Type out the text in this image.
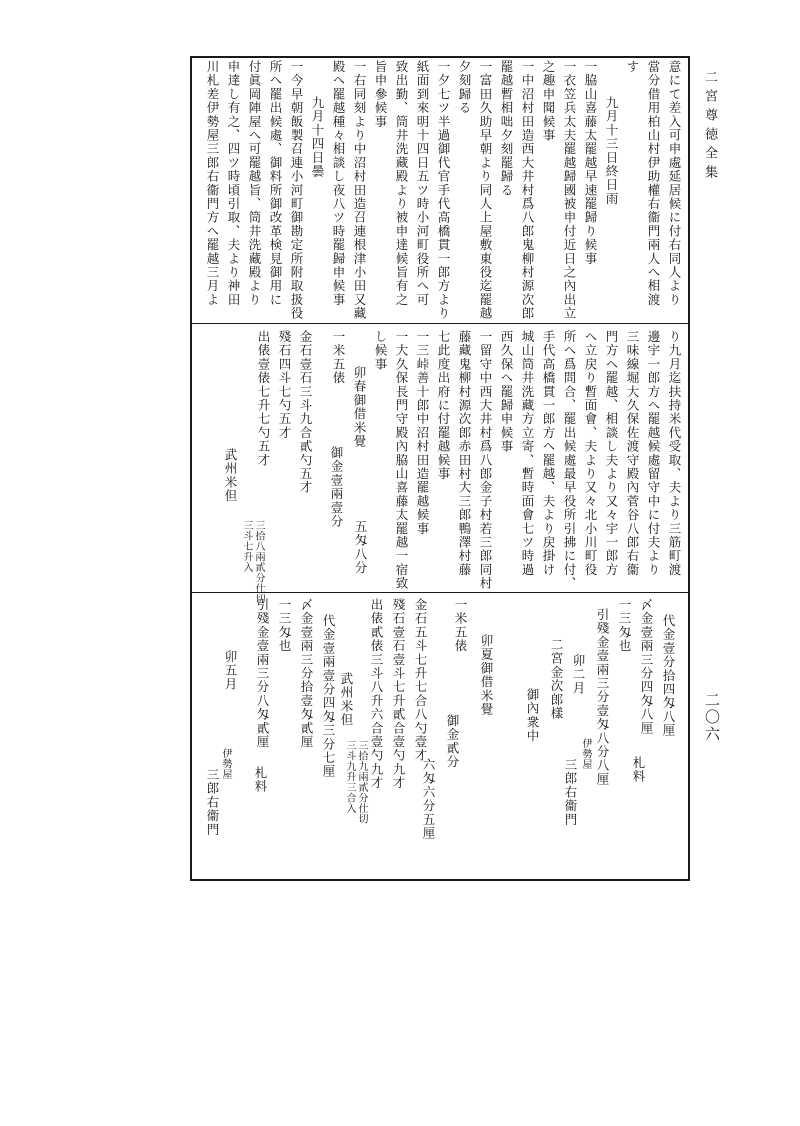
二宮尊徳全集
二〇六
意にて差入可申處延居候に付右同人より
當分借用柏山村伊助權右衞門兩人へ相渡
す
九月十三日終日雨
一脇山喜藤太罷越早速罷歸り候事
一衣笠兵太夫罷越歸國被申付近日之內出立
之趣申聞候事
一中沼村田造西大井村爲八郎鬼柳村源次郎
罷越暫相咄夕刻罷歸る
一富田久助早朝より同人上屋敷東役迄罷越
夕刻歸る
一夕七ツ半過御代官手代高橋貫一郎方より
紙面到來明十四日五ツ時小河町役所へ可
致出勤、筒井洗藏殿より被申達候旨有之
旨申參候事
一右同刻より中沼村田造召連根津小田又藏
殿へ罷越種々相談し夜八ツ時罷歸申候事
九月十四日曇
一今早朝飯製召連小河町御勘定所附取扱役
所へ罷出候處、御料所御改革検見御用に
付眞岡陣屋へ可罷越旨、筒井洗藏殿より
申達し有之、四ツ時頃引取、夫より神田
川札差伊勢屋三郎右衞門方へ罷越三月よ
り九月迄扶持米代受取、夫より三筋町渡
邊宇一郎方へ罷越候處留守中に付夫より
三味線堀大久保佐渡守殿內菅谷八郎右衞
門方へ罷越、相談し夫より又々宇一郎方
へ立戻り暫面會、夫より又々北小川町役
所へ爲問合、罷出候處最早役所引拂に付、
手代高橋貫一郎方へ罷越、夫より戻掛け
城山筒井洗藏方立寄、暫時面會七ツ時過
西久保へ罷歸申候事
一留守中西大井村爲八郎金子村若三郎同村
藤藏鬼柳村源次郎赤田村大三郎鴨澤村藤
七此度出府に付罷越候事
一三峠善十郎中沼村田造罷越候事
一大久保長門守殿內脇山喜藤太罷越一宿致
し候事
卯春御借米覺
一米五俵
御金壹兩壹分
五匁八分
金石壹石三斗九合貳勺五才
殘石四斗七勺五才
出俵壹俵七升七勺五才
武州米但
三斗七升入 三拾八兩貳分仕切
代金壹分拾四匁八厘
〆金壹兩三分四匁八厘
一三匁也
引殘金壹兩三分壹匁八分八厘
卯二月
二宮金次郎樣
御內衆中
伊勢屋
三郎右衞門	札料
卯夏御借米覺
一米五俵
御金貳分
六匁六分五厘
金石五斗七升七合八勺壹才
殘石壹石壹斗七升貳合壹勺九才
出俵貳俵三斗八升六合壹勺九才
武州米但
三斗九升三合入 三拾九兩貳分仕切
代金壹兩壹分四匁三分七厘
〆金壹兩三分拾壹匁貳厘
一三匁也
引殘金壹兩三分八匁貳厘
卯五月
伊勢屋
三郎右衞門	札料
